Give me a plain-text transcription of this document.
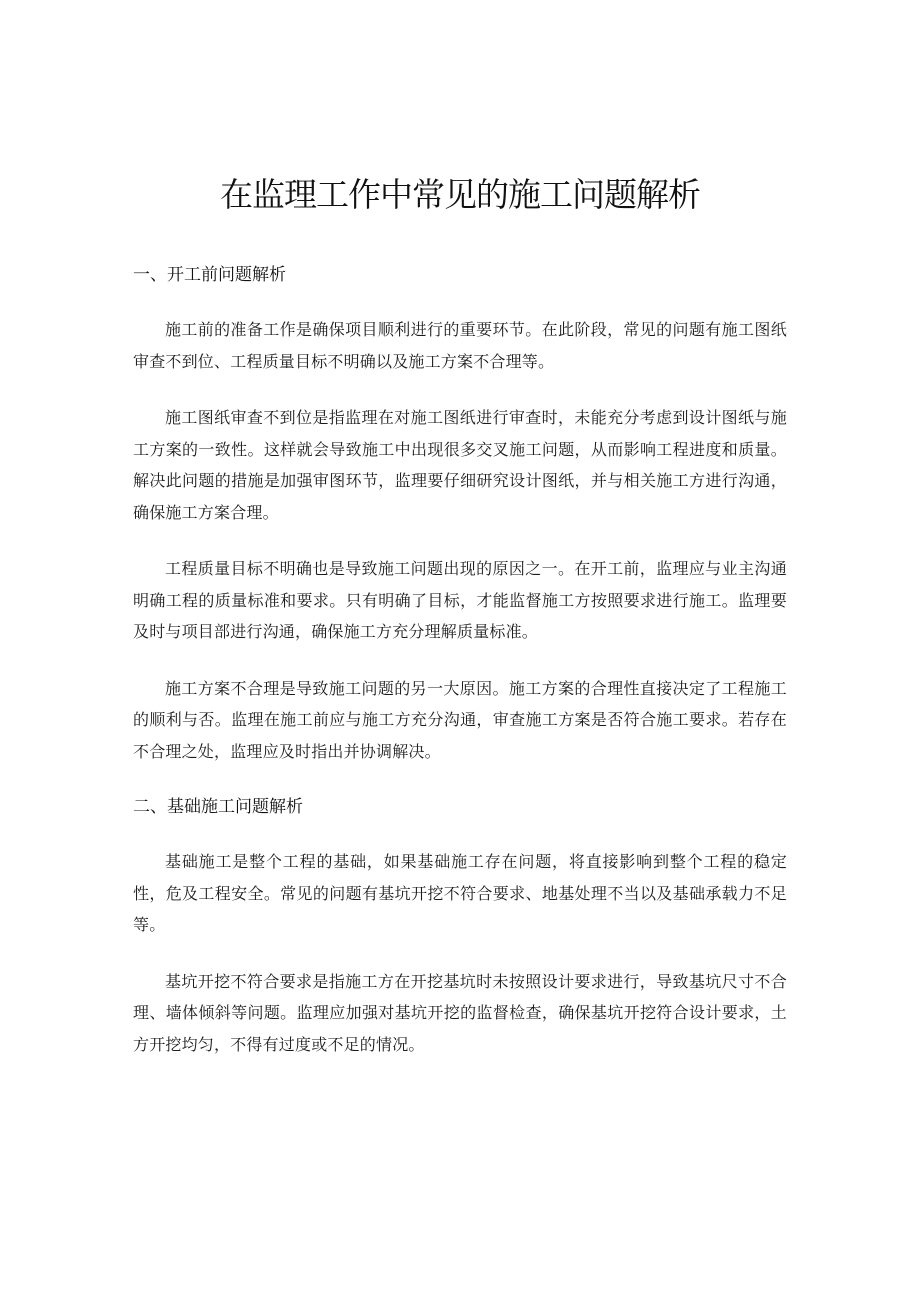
在监理工作中常见的施工问题解析
一、开工前问题解析

施工前的准备工作是确保项目顺利进行的重要环节。在此阶段，常见的问题有施工图纸审查不到位、工程质量目标不明确以及施工方案不合理等。

施工图纸审查不到位是指监理在对施工图纸进行审查时，未能充分考虑到设计图纸与施工方案的一致性。这样就会导致施工中出现很多交叉施工问题，从而影响工程进度和质量。解决此问题的措施是加强审图环节，监理要仔细研究设计图纸，并与相关施工方进行沟通，确保施工方案合理。

工程质量目标不明确也是导致施工问题出现的原因之一。在开工前，监理应与业主沟通明确工程的质量标准和要求。只有明确了目标，才能监督施工方按照要求进行施工。监理要及时与项目部进行沟通，确保施工方充分理解质量标准。

施工方案不合理是导致施工问题的另一大原因。施工方案的合理性直接决定了工程施工的顺利与否。监理在施工前应与施工方充分沟通，审查施工方案是否符合施工要求。若存在不合理之处，监理应及时指出并协调解决。

二、基础施工问题解析

基础施工是整个工程的基础，如果基础施工存在问题，将直接影响到整个工程的稳定性，危及工程安全。常见的问题有基坑开挖不符合要求、地基处理不当以及基础承载力不足等。

基坑开挖不符合要求是指施工方在开挖基坑时未按照设计要求进行，导致基坑尺寸不合理、墙体倾斜等问题。监理应加强对基坑开挖的监督检查，确保基坑开挖符合设计要求，土方开挖均匀，不得有过度或不足的情况。
